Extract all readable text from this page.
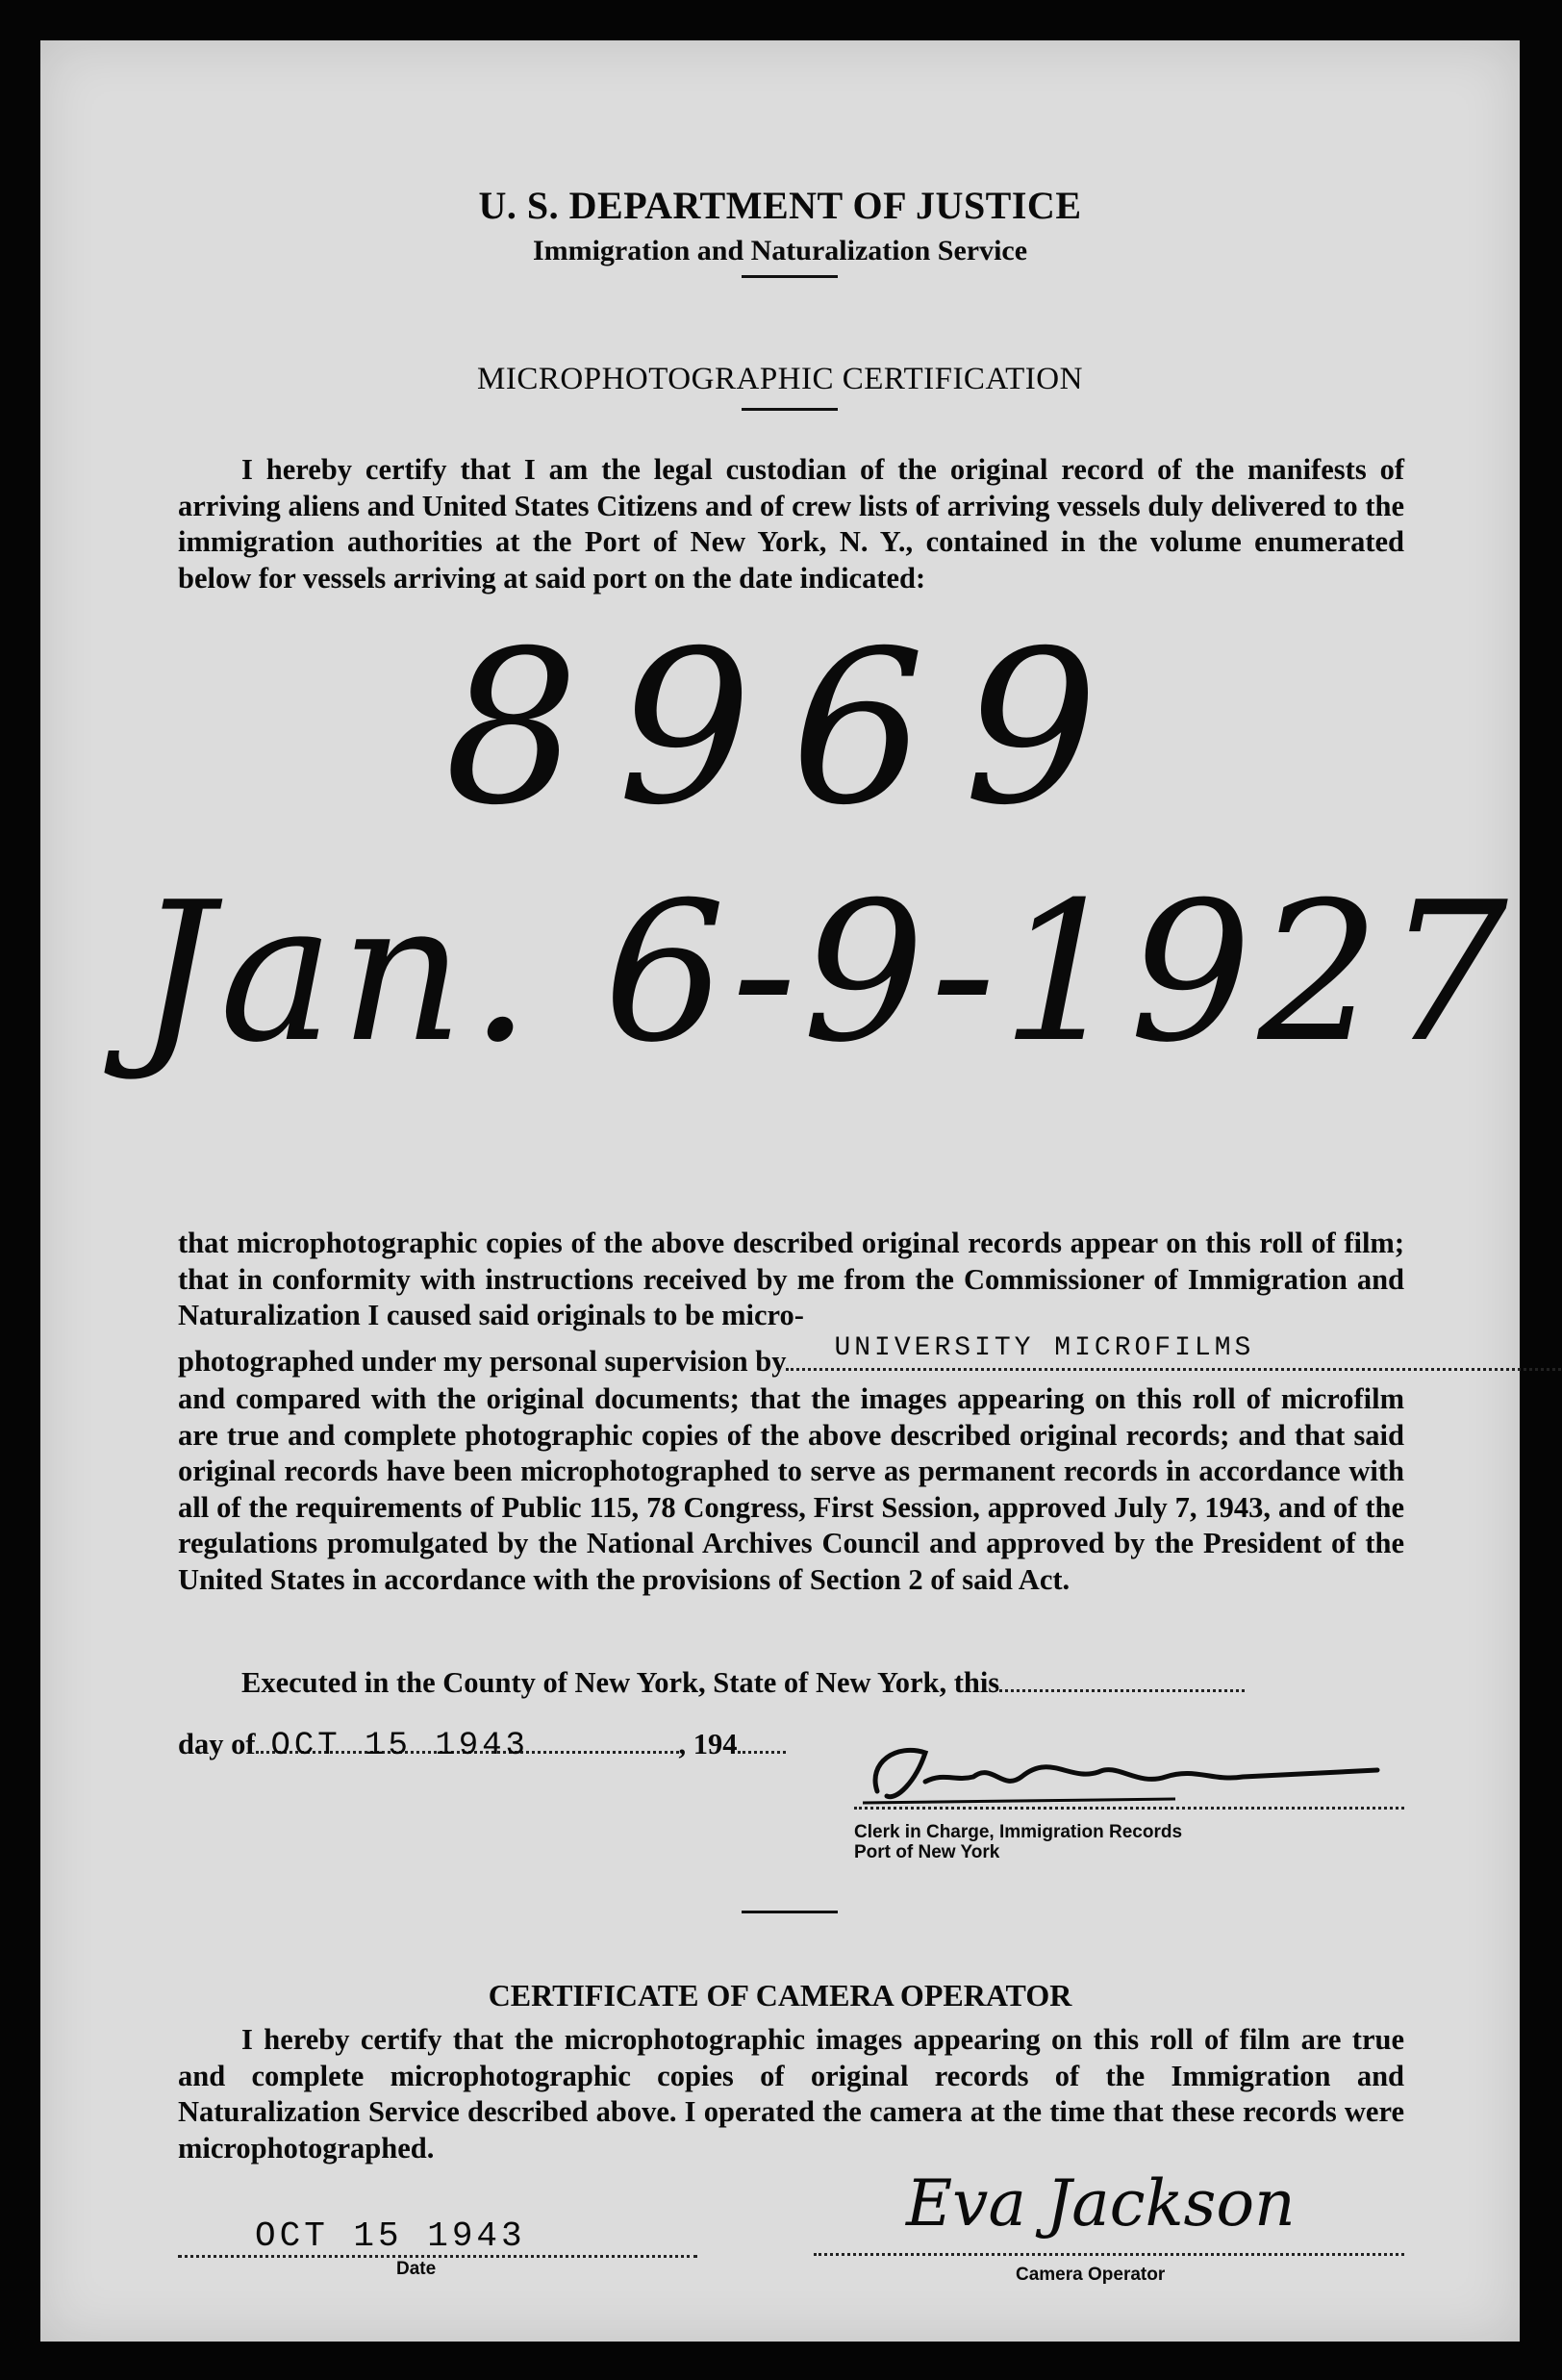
U. S. DEPARTMENT OF JUSTICE
Immigration and Naturalization Service
MICROPHOTOGRAPHIC CERTIFICATION
I hereby certify that I am the legal custodian of the original record of the manifests of arriving aliens and United States Citizens and of crew lists of arriving vessels duly delivered to the immigration authorities at the Port of New York, N. Y., contained in the volume enumerated below for vessels arriving at said port on the date indicated:
8969
Jan. 6-9-1927
that microphotographic copies of the above described original records appear on this roll of film; that in conformity with instructions received by me from the Commissioner of Immigration and Naturalization I caused said originals to be micro-
photographed under my personal supervision by UNIVERSITY MICROFILMS
and compared with the original documents; that the images appearing on this roll of microfilm are true and complete photographic copies of the above described original records; and that said original records have been microphotographed to serve as permanent records in accordance with all of the requirements of Public 115, 78 Congress, First Session, approved July 7, 1943, and of the regulations promulgated by the National Archives Council and approved by the President of the United States in accordance with the provisions of Section 2 of said Act.
Executed in the County of New York, State of New York, this
day of OCT 15 1943	, 194
Clerk in Charge, Immigration Records
Port of New York
CERTIFICATE OF CAMERA OPERATOR
I hereby certify that the microphotographic images appearing on this roll of film are true and complete microphotographic copies of original records of the Immigration and Naturalization Service described above. I operated the camera at the time that these records were microphotographed.
OCT 15 1943
Date
Eva Jackson
Camera Operator
